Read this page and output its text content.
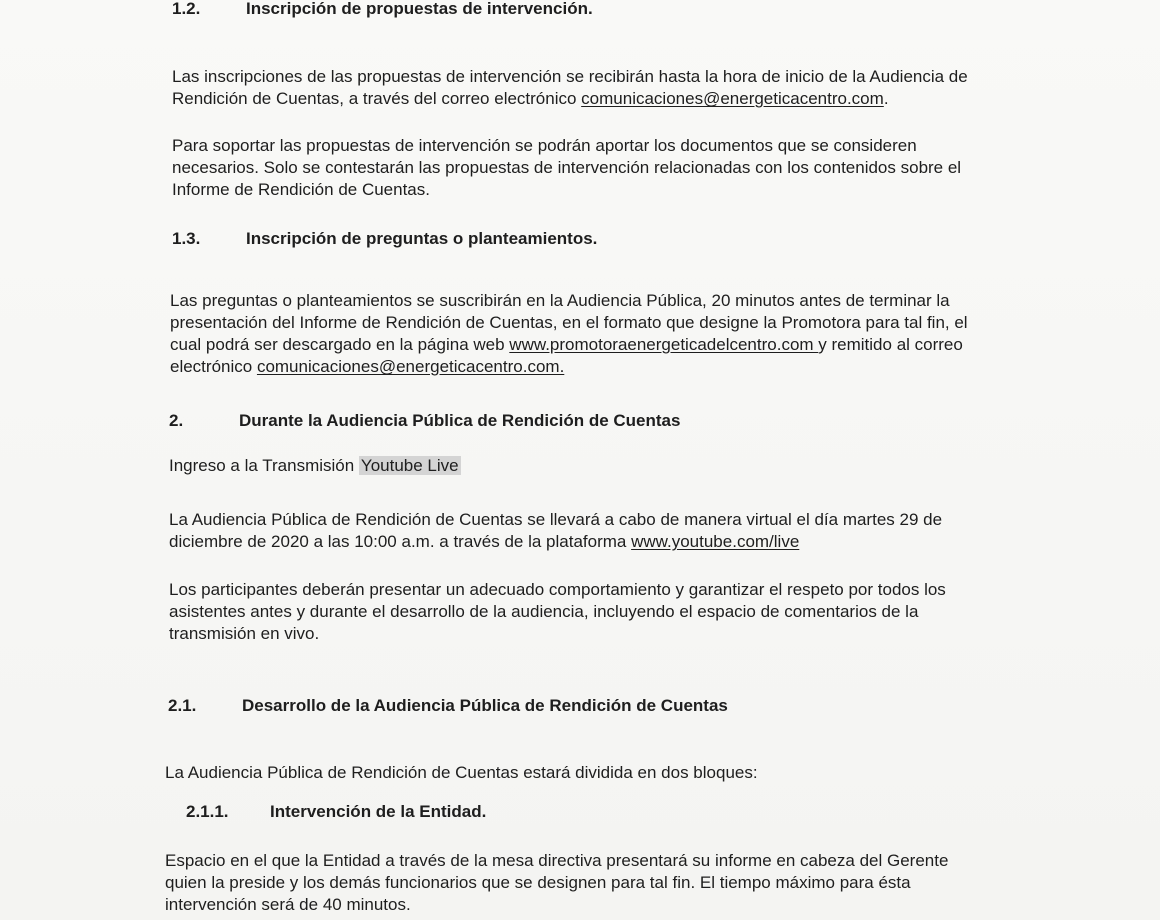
1.2.	Inscripción de propuestas de intervención.
Las inscripciones de las propuestas de intervención se recibirán hasta la hora de inicio de la Audiencia de
Rendición de Cuentas, a través del correo electrónico comunicaciones@energeticacentro.com.
Para soportar las propuestas de intervención se podrán aportar los documentos que se consideren
necesarios. Solo se contestarán las propuestas de intervención relacionadas con los contenidos sobre el
Informe de Rendición de Cuentas.
1.3.	Inscripción de preguntas o planteamientos.
Las preguntas o planteamientos se suscribirán en la Audiencia Pública, 20 minutos antes de terminar la
presentación del Informe de Rendición de Cuentas, en el formato que designe la Promotora para tal fin, el
cual podrá ser descargado en la página web www.promotoraenergeticadelcentro.com y remitido al correo
electrónico comunicaciones@energeticacentro.com.
2.	Durante la Audiencia Pública de Rendición de Cuentas
Ingreso a la Transmisión Youtube Live
La Audiencia Pública de Rendición de Cuentas se llevará a cabo de manera virtual el día martes 29 de
diciembre de 2020 a las 10:00 a.m. a través de la plataforma www.youtube.com/live
Los participantes deberán presentar un adecuado comportamiento y garantizar el respeto por todos los
asistentes antes y durante el desarrollo de la audiencia, incluyendo el espacio de comentarios de la
transmisión en vivo.
2.1.	Desarrollo de la Audiencia Pública de Rendición de Cuentas
La Audiencia Pública de Rendición de Cuentas estará dividida en dos bloques:
2.1.1. Intervención de la Entidad.
Espacio en el que la Entidad a través de la mesa directiva presentará su informe en cabeza del Gerente
quien la preside y los demás funcionarios que se designen para tal fin. El tiempo máximo para ésta
intervención será de 40 minutos.
